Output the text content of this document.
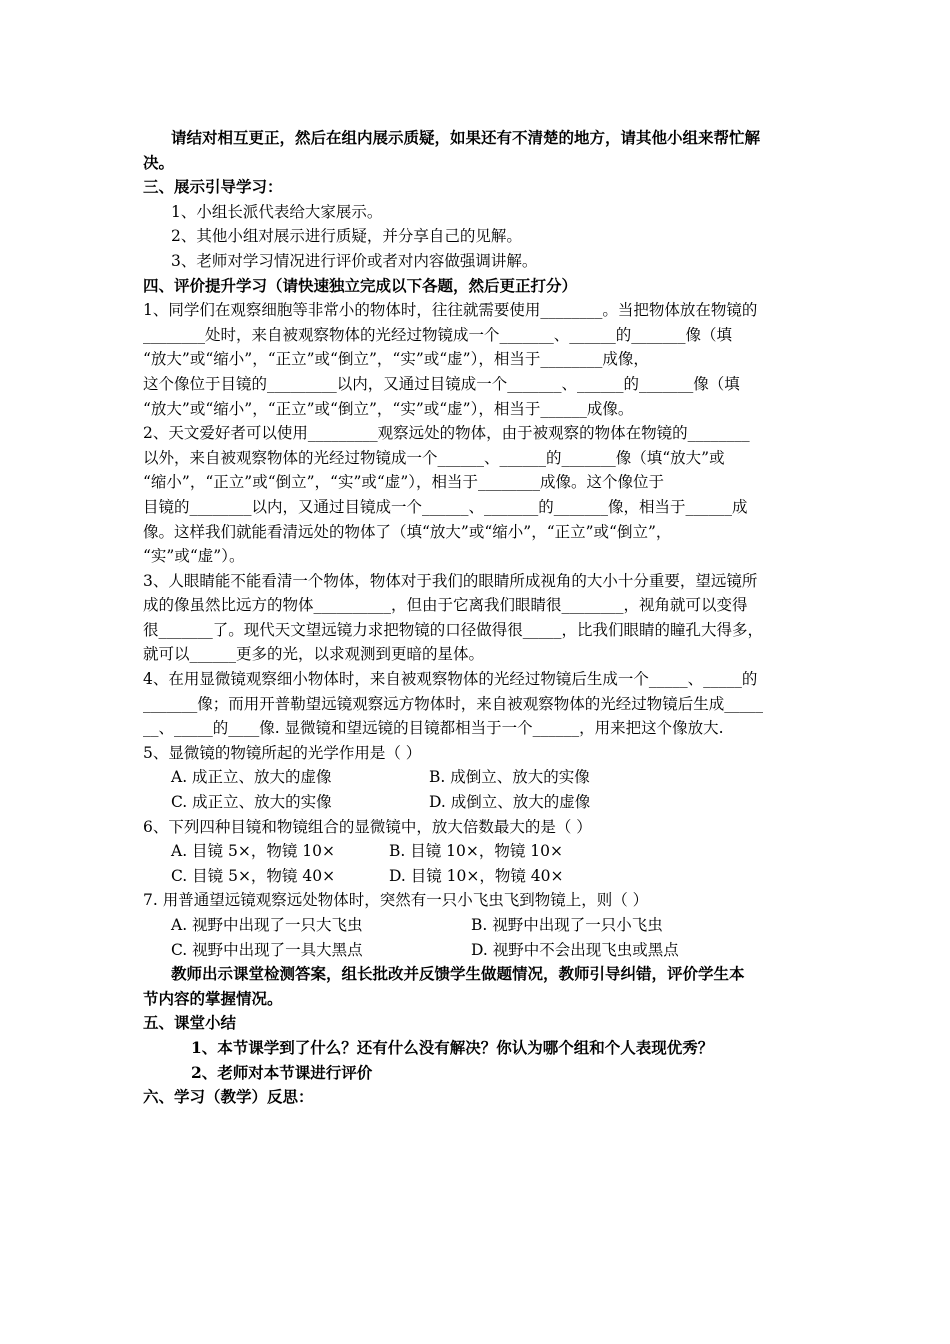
请结对相互更正，然后在组内展示质疑，如果还有不清楚的地方，请其他小组来帮忙解
决。
三、展示引导学习：
1、小组长派代表给大家展示。
2、其他小组对展示进行质疑，并分享自己的见解。
3、老师对学习情况进行评价或者对内容做强调讲解。
四、评价提升学习（请快速独立完成以下各题，然后更正打分）
1、同学们在观察细胞等非常小的物体时，往往就需要使用________。当把物体放在物镜的
________处时，来自被观察物体的光经过物镜成一个_______、______的_______像（填
“放大”或“缩小”，“正立”或“倒立”，“实”或“虚”），相当于________成像，
这个像位于目镜的_________以内，又通过目镜成一个_______、______的_______像（填
“放大”或“缩小”，“正立”或“倒立”，“实”或“虚”），相当于______成像。
2、天文爱好者可以使用_________观察远处的物体，由于被观察的物体在物镜的________
以外，来自被观察物体的光经过物镜成一个______、______的_______像（填“放大”或
“缩小”，“正立”或“倒立”，“实”或“虚”），相当于________成像。这个像位于
目镜的________以内，又通过目镜成一个______、_______的_______像，相当于______成
像。这样我们就能看清远处的物体了（填“放大”或“缩小”，“正立”或“倒立”，
“实”或“虚”）。
3、人眼睛能不能看清一个物体，物体对于我们的眼睛所成视角的大小十分重要，望远镜所
成的像虽然比远方的物体__________，但由于它离我们眼睛很________，视角就可以变得
很_______了。现代天文望远镜力求把物镜的口径做得很_____，比我们眼睛的瞳孔大得多，
就可以______更多的光，以求观测到更暗的星体。
4、在用显微镜观察细小物体时，来自被观察物体的光经过物镜后生成一个_____、_____的
_______像；而用开普勒望远镜观察远方物体时，来自被观察物体的光经过物镜后生成_____
__、_____的____像. 显微镜和望远镜的目镜都相当于一个______，用来把这个像放大.
5、显微镜的物镜所起的光学作用是（ ）
A. 成正立、放大的虚像	B. 成倒立、放大的实像
C. 成正立、放大的实像	D. 成倒立、放大的虚像
6、下列四种目镜和物镜组合的显微镜中，放大倍数最大的是（ ）
A. 目镜 5×，物镜 10×	B. 目镜 10×，物镜 10×
C. 目镜 5×，物镜 40×	D. 目镜 10×，物镜 40×
7. 用普通望远镜观察远处物体时，突然有一只小飞虫飞到物镜上，则（ ）
A. 视野中出现了一只大飞虫	B. 视野中出现了一只小飞虫
C. 视野中出现了一具大黑点	D. 视野中不会出现飞虫或黑点
教师出示课堂检测答案，组长批改并反馈学生做题情况，教师引导纠错，评价学生本
节内容的掌握情况。
五、课堂小结
1、本节课学到了什么？还有什么没有解决？你认为哪个组和个人表现优秀？
2、老师对本节课进行评价
六、学习（教学）反思：
